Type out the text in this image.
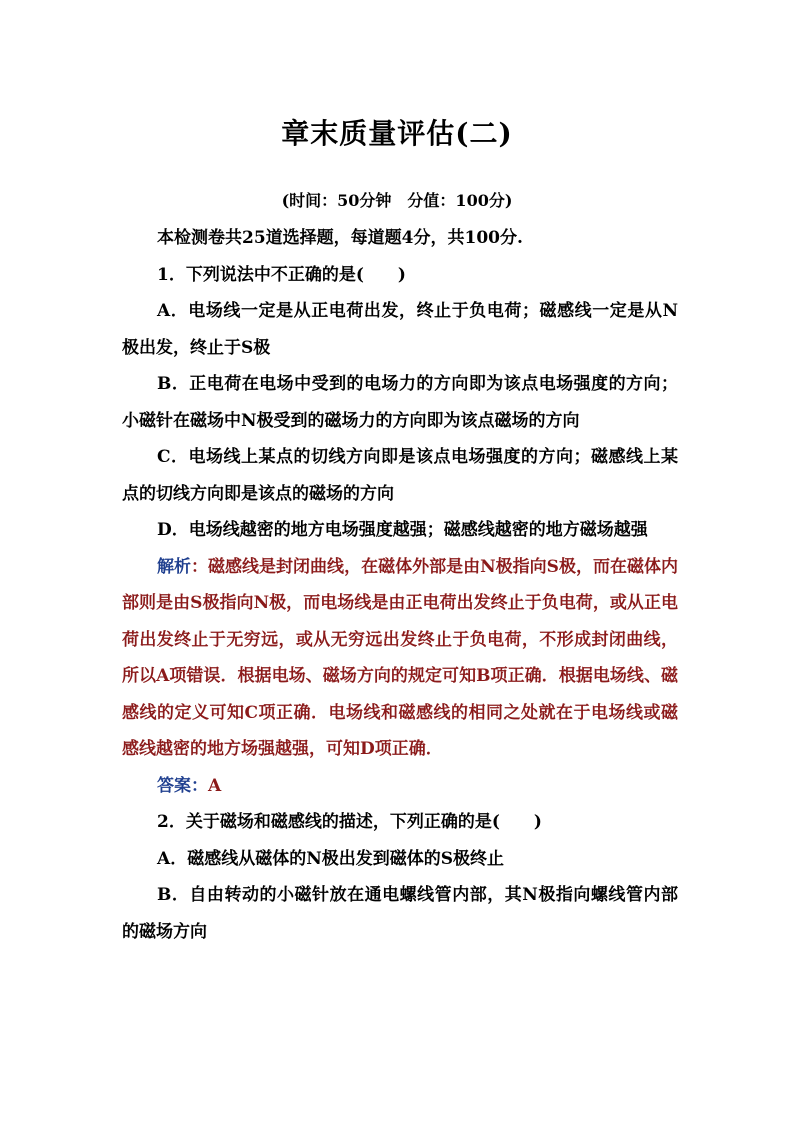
章末质量评估(二)
(时间：50分钟　分值：100分)

本检测卷共25道选择题，每道题4分，共100分.

1．下列说法中不正确的是(　　)

A．电场线一定是从正电荷出发，终止于负电荷；磁感线一定是从N极出发，终止于S极

B．正电荷在电场中受到的电场力的方向即为该点电场强度的方向；小磁针在磁场中N极受到的磁场力的方向即为该点磁场的方向

C．电场线上某点的切线方向即是该点电场强度的方向；磁感线上某点的切线方向即是该点的磁场的方向

D．电场线越密的地方电场强度越强；磁感线越密的地方磁场越强

解析：磁感线是封闭曲线，在磁体外部是由N极指向S极，而在磁体内部则是由S极指向N极，而电场线是由正电荷出发终止于负电荷，或从正电荷出发终止于无穷远，或从无穷远出发终止于负电荷，不形成封闭曲线，所以A项错误．根据电场、磁场方向的规定可知B项正确．根据电场线、磁感线的定义可知C项正确．电场线和磁感线的相同之处就在于电场线或磁感线越密的地方场强越强，可知D项正确．

答案：A

2．关于磁场和磁感线的描述，下列正确的是(　　)

A．磁感线从磁体的N极出发到磁体的S极终止

B．自由转动的小磁针放在通电螺线管内部，其N极指向螺线管内部的磁场方向
